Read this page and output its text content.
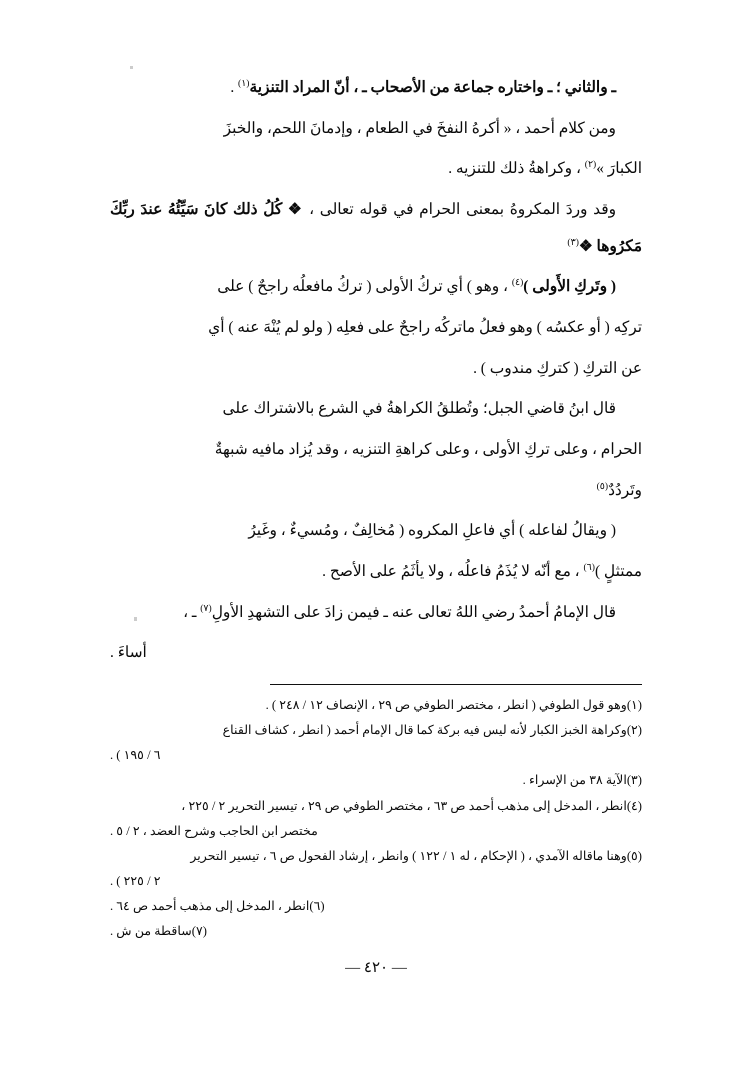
ـ والثاني ؛ ـ واختاره جماعة من الأصحاب ـ ، أنّ المراد التنزية$^{(١)}$ .

ومن كلام أحمد ، « أكرهُ النفخَ في الطعام ، وإدمانَ اللحم، والخبزَ

الكبارَ »$^{(٢)}$ ، وكراهةُ ذلك للتنزيه .

وقد وردَ المكروهُ بمعنى الحرام في قوله تعالى ، ❖ كُلُ ذلك كانَ سَيِّئُهُ عندَ ربِّكَ مَكرُوها ❖$^{(٣)}$

( وتَركِ الأَولى )$^{(٤)}$ ، وهو ) أي تركُ الأولى ( تركُ مافعلُه راجحٌ ) على

تركِه ( أو عكسُه ) وهو فعلُ ماتركُه راجحٌ على فعلِه ( ولو لم يُنْهَ عنه ) أي

عن التركِ ( كتركِ مندوب ) .

قال ابنُ قاضي الجبل؛ وتُطلقُ الكراهةُ في الشرع بالاشتراك على

الحرام ، وعلى تركِ الأولى ، وعلى كراهةِ التنزيه ، وقد يُزاد مافيه شبهةٌ

وتَردُدٌ$^{(٥)}$

( ويقالُ لفاعله ) أي فاعلِ المكروه ( مُخالِفٌ ، ومُسيءٌ ، وغَيرُ

ممتثلٍ )$^{(٦)}$ ، مع أنّه لا يُذَمُ فاعلُه ، ولا يأثَمُ على الأصح .

قال الإمامُ أحمدُ رضي اللهُ تعالى عنه ـ فيمن زادَ على التشهدِ الأولِ$^{(٧)}$ ـ ،

أساءَ .

(١)وهو قول الطوفي ( انطر ، مختصر الطوفي ص ٢٩ ، الإنصاف ١٢ / ٢٤٨ ) .

(٢)وكراهة الخبز الكبار لأنه ليس فيه بركة كما قال الإمام أحمد ( انطر ، كشاف القناع

٦ / ١٩٥ ) .

(٣)الآية ٣٨ من الإسراء .

(٤)انطر ، المدخل إلى مذهب أحمد ص ٦٣ ، مختصر الطوفي ص ٢٩ ، تيسير التحرير ٢ / ٢٢٥ ،

مختصر ابن الحاجب وشرح العضد ، ٢ / ٥ .

(٥)وهنا ماقاله الآمدي ، ( الإحكام ، له ١ / ١٢٢ ) وانطر ، إرشاد الفحول ص ٦ ، تيسير التحرير

٢ / ٢٢٥ ) .

(٦)انطر ، المدخل إلى مذهب أحمد ص ٦٤ .

(٧)ساقطة من ش .

— ٤٢٠ —
